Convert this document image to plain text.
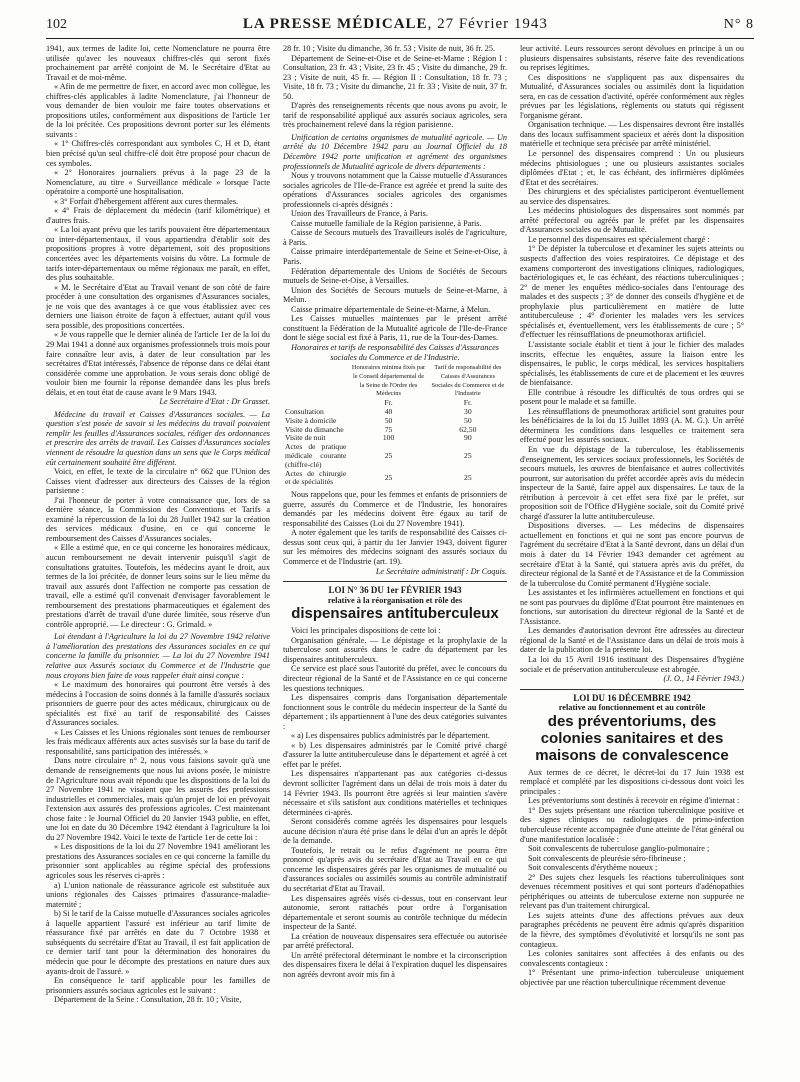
102	LA PRESSE MÉDICALE, 27 Février 1943	N° 8

1941, aux termes de ladite loi, cette Nomenclature ne pourra être utilisée qu'avec les nouveaux chiffres-clés qui seront fixés prochainement par arrêté conjoint de M. le Secrétaire d'Etat au Travail et de moi-même.

« Afin de me permettre de fixer, en accord avec mon collègue, les chiffres-clés applicables à ladite Nomenclature, j'ai l'honneur de vous demander de bien vouloir me faire toutes observations et propositions utiles, conformément aux dispositions de l'article 1er de la loi précitée. Ces propositions devront porter sur les éléments suivants :

« 1° Chiffres-clés correspondant aux symboles C, H et D, étant bien précisé qu'un seul chiffre-clé doit être proposé pour chacun de ces symboles.

« 2° Honoraires journaliers prévus à la page 23 de la Nomenclature, au titre « Surveillance médicale » lorsque l'acte opératoire a comporté une hospitalisation.

« 3° Forfait d'hébergement afférent aux cures thermales.

« 4° Frais de déplacement du médecin (tarif kilométrique) et d'autres frais.

« La loi ayant prévu que les tarifs pouvaient être départementaux ou inter-départementaux, il vous appartiendra d'établir soit des propositions propres à votre département, soit des propositions concertées avec les départements voisins du vôtre. La formule de tarifs inter-départementaux ou même régionaux me paraît, en effet, des plus souhaitable.

« M. le Secrétaire d'Etat au Travail venant de son côté de faire procéder à une consultation des organismes d'Assurances sociales, je ne vois que des avantages à ce que vous établissiez avec ces derniers une liaison étroite de façon à effectuer, autant qu'il vous sera possible, des propositions concertées.

« Je vous rappelle que le dernier alinéa de l'article 1er de la loi du 29 Mai 1941 a donné aux organismes professionnels trois mois pour faire connaître leur avis, à dater de leur consultation par les secrétaires d'Etat intéressés, l'absence de réponse dans ce délai étant considérée comme une approbation. Je vous serais donc obligé de vouloir bien me fournir la réponse demandée dans les plus brefs délais, et en tout état de cause avant le 9 Mars 1943.

Le Secrétaire d'Etat : Dr Grasset.

Médecine du travail et Caisses d'Assurances sociales. — La question s'est posée de savoir si les médecins du travail pouvaient remplir les feuilles d'Assurances sociales, rédiger des ordonnances et prescrire des arrêts de travail. Les Caisses d'Assurances sociales viennent de résoudre la question dans un sens que le Corps médical eût certainement souhaité être différent.

Voici, en effet, le texte de la circulaire n° 662 que l'Union des Caisses vient d'adresser aux directeurs des Caisses de la région parisienne :

J'ai l'honneur de porter à votre connaissance que, lors de sa dernière séance, la Commission des Conventions et Tarifs a examiné la répercussion de la loi du 28 Juillet 1942 sur la création des services médicaux d'usine, en ce qui concerne le remboursement des Caisses d'Assurances sociales.

« Elle a estimé que, en ce qui concerne les honoraires médicaux, aucun remboursement ne devait intervenir puisqu'il s'agit de consultations gratuites. Toutefois, les médecins ayant le droit, aux termes de la loi précitée, de donner leurs soins sur le lieu même du travail aux assurés dont l'affection ne comporte pas cessation de travail, elle a estimé qu'il convenait d'envisager favorablement le remboursement des prestations pharmaceutiques et également des prestations d'arrêt de travail d'une durée limitée, sous réserve d'un contrôle approprié. — Le directeur : G. Grimald. »

Loi étendant à l'Agriculture la loi du 27 Novembre 1942 relative à l'amélioration des prestations des Assurances sociales en ce qui concerne la famille du prisonnier. — La loi du 27 Novembre 1941 relative aux Assurés sociaux du Commerce et de l'Industrie que nous croyons bien faire de vous rappeler était ainsi conçue :

« Le maximum des honoraires qui pourront être versés à des médecins à l'occasion de soins donnés à la famille d'assurés sociaux prisonniers de guerre pour des actes médicaux, chirurgicaux ou de spécialités est fixé au tarif de responsabilité des Caisses d'Assurances sociales.

« Les Caisses et les Unions régionales sont tenues de rembourser les frais médicaux afférents aux actes susvisés sur la base du tarif de responsabilité, sans participation des intéressés. »

Dans notre circulaire n° 2, nous vous faisions savoir qu'à une demande de renseignements que nous lui avions posée, le ministre de l'Agriculture nous avait répondu que les dispositions de la loi du 27 Novembre 1941 ne visaient que les assurés des professions industrielles et commerciales, mais qu'un projet de loi en prévoyait l'extension aux assurés des professions agricoles. C'est maintenant chose faite : le Journal Officiel du 20 Janvier 1943 publie, en effet, une loi en date du 30 Décembre 1942 étendant à l'agriculture la loi du 27 Novembre 1942. Voici le texte de l'article 1er de cette loi :

« Les dispositions de la loi du 27 Novembre 1941 améliorant les prestations des Assurances sociales en ce qui concerne la famille du prisonnier sont applicables au régime spécial des professions agricoles sous les réserves ci-après :

a) L'union nationale de réassurance agricole est substituée aux unions régionales des Caisses primaires d'assurance-maladie-maternité ;

b) Si le tarif de la Caisse mutuelle d'Assurances sociales agricoles à laquelle appartient l'assuré est inférieur au tarif limite de réassurance fixé par arrêtés en date du 7 Octobre 1938 et subséquents du secrétaire d'Etat au Travail, il est fait application de ce dernier tarif tant pour la détermination des honoraires du médecin que pour le décompte des prestations en nature dues aux ayants-droit de l'assuré. »

En conséquence le tarif applicable pour les familles de prisonniers assurés sociaux agricoles est le suivant :

Département de la Seine : Consultation, 28 fr. 10 ; Visite,

28 fr. 10 ; Visite du dimanche, 36 fr. 53 ; Visite de nuit, 36 fr. 25.

Département de Seine-et-Oise et de Seine-et-Marne : Région I : Consultation, 23 fr. 43 ; Visite, 23 fr. 45 ; Visite du dimanche, 29 fr. 23 ; Visite de nuit, 45 fr. — Région II : Consultation, 18 fr. 73 ; Visite, 18 fr. 73 ; Visite du dimanche, 21 fr. 33 ; Visite de nuit, 37 fr. 50.

D'après des renseignements récents que nous avons pu avoir, le tarif de responsabilité appliqué aux assurés sociaux agricoles, sera très prochainement relevé dans la région parisienne.

Unification de certains organismes de mutualité agricole. — Un arrêté du 10 Décembre 1942 paru au Journal Officiel du 18 Décembre 1942 porte unification et agrément des organismes professionnels de Mutualité agricole de divers départements :

Nous y trouvons notamment que la Caisse mutuelle d'Assurances sociales agricoles de l'Ile-de-France est agréée et prend la suite des opérations d'Assurances sociales agricoles des organismes professionnels ci-après désignés :

Union des Travailleurs de France, à Paris.

Caisse mutuelle familiale de la Région parisienne, à Paris.

Caisse de Secours mutuels des Travailleurs isolés de l'agriculture, à Paris.

Caisse primaire interdépartementale de Seine et Seine-et-Oise, à Paris.

Fédération départementale des Unions de Sociétés de Secours mutuels de Seine-et-Oise, à Versailles.

Union des Sociétés de Secours mutuels de Seine-et-Marne, à Melun.

Caisse primaire départementale de Seine-et-Marne, à Melun.

Les Caisses mutuelles maintenues par le présent arrêté constituent la Fédération de la Mutualité agricole de l'Ile-de-France dont le siège social est fixé à Paris, 11, rue de la Tour-des-Dames.

Honoraires et tarifs de responsabilité des Caisses d'Assurances sociales du Commerce et de l'Industrie.

	Honoraires minima fixés par le Conseil départemental de la Seine de l'Ordre des Médecins	Tarif de responsabilité des Caisses d'Assurances Sociales du Commerce et de l'Industrie
	Fr.	Fr.
Consultation	40	30
Visite à domicile	50	50
Visite du dimanche	75	62,50
Visite de nuit	100	90
Actes de pratique médicale courante (chiffre-clé)	25	25
Actes de chirurgie et de spécialités	25	25

Nous rappelons que, pour les femmes et enfants de prisonniers de guerre, assurés du Commerce et de l'Industrie, les honoraires demandés par les médecins doivent être égaux au tarif de responsabilité des Caisses (Loi du 27 Novembre 1941).

A noter également que les tarifs de responsabilité des Caisses ci-dessus sont ceux qui, à partir du 1er Janvier 1943, doivent figurer sur les mémoires des médecins soignant des assurés sociaux du Commerce et de l'Industrie (art. 19).

Le Secrétaire administratif : Dr Coquis.

LOI N° 36 DU 1er FÉVRIER 1943
relative à la réorganisation et rôle des
dispensaires antituberculeux

Voici les principales dispositions de cette loi :

Organisation générale. — Le dépistage et la prophylaxie de la tuberculose sont assurés dans le cadre du département par les dispensaires antituberculeux.

Ce service est placé sous l'autorité du préfet, avec le concours du directeur régional de la Santé et de l'Assistance en ce qui concerne les questions techniques.

Les dispensaires compris dans l'organisation départementale fonctionnent sous le contrôle du médecin inspecteur de la Santé du département ; ils appartiennent à l'une des deux catégories suivantes :

« a) Les dispensaires publics administrés par le département.

« b) Les dispensaires administrés par le Comité privé chargé d'assurer la lutte antituberculeuse dans le département et agréé à cet effet par le préfet.

Les dispensaires n'appartenant pas aux catégories ci-dessus devront solliciter l'agrément dans un délai de trois mois à dater du 14 Février 1943. Ils pourront être agréés si leur maintien s'avère nécessaire et s'ils satisfont aux conditions matérielles et techniques déterminées ci-après.

Seront considérés comme agréés les dispensaires pour lesquels aucune décision n'aura été prise dans le délai d'un an après le dépôt de la demande.

Toutefois, le retrait ou le refus d'agrément ne pourra être prononcé qu'après avis du secrétaire d'Etat au Travail en ce qui concerne les dispensaires gérés par les organismes de mutualité ou d'assurances sociales ou assimilés soumis au contrôle administratif du secrétariat d'Etat au Travail.

Les dispensaires agréés visés ci-dessus, tout en conservant leur autonomie, seront rattachés pour ordre à l'organisation départementale et seront soumis au contrôle technique du médecin inspecteur de la Santé.

La création de nouveaux dispensaires sera effectuée ou autorisée par arrêté préfectoral.

Un arrêté préfectoral déterminant le nombre et la circonscription des dispensaires fixera le délai à l'expiration duquel les dispensaires non agréés devront avoir mis fin à

leur activité. Leurs ressources seront dévolues en principe à un ou plusieurs dispensaires subsistants, réserve faite des revendications ou reprises légitimes.

Ces dispositions ne s'appliquent pas aux dispensaires du Mutualité, d'Assurances sociales ou assimilés dont la liquidation sera, en cas de cessation d'activité, opérée conformément aux règles prévues par les législations, règlements ou statuts qui régissent l'organisme gérant.

Organisation technique. — Les dispensaires devront être installés dans des locaux suffisamment spacieux et aérés dont la disposition matérielle et technique sera précisée par arrêté ministériel.

Le personnel des dispensaires comprend : Un ou plusieurs médecins phtisiologues ; une ou plusieurs assistantes sociales diplômées d'Etat ; et, le cas échéant, des infirmières diplômées d'Etat et des secrétaires.

Des chirurgiens et des spécialistes participeront éventuellement au service des dispensaires.

Les médecins phtisiologues des dispensaires sont nommés par arrêté préfectoral ou agréés par le préfet par les dispensaires d'Assurances sociales ou de Mutualité.

Le personnel des dispensaires est spécialement chargé :

1° De dépister la tuberculose et d'examiner les sujets atteints ou suspects d'affection des voies respiratoires. Ce dépistage et des examens comporteront des investigations cliniques, radiologiques, bactériologiques et, le cas échéant, des réactions tuberculiniques ; 2° de mener les enquêtes médico-sociales dans l'entourage des malades et des suspects ; 3° de donner des conseils d'hygiène et de prophylaxie plus particulièrement en matière de lutte antituberculeuse ; 4° d'orienter les malades vers les services spécialisés et, éventuellement, vers les établissements de cure ; 5° d'effectuer les réinsufflations de pneumothorax artificiel.

L'assistante sociale établit et tient à jour le fichier des malades inscrits, effectue les enquêtes, assure la liaison entre les dispensaires, le public, le corps médical, les services hospitaliers spécialisés, les établissements de cure et de placement et les œuvres de bienfaisance.

Elle contribue à résoudre les difficultés de tous ordres qui se posent pour le malade et sa famille.

Les réinsufflations de pneumothorax artificiel sont gratuites pour les bénéficiaires de la loi du 15 Juillet 1893 (A. M. G.). Un arrêté déterminera les conditions dans lesquelles ce traitement sera effectué pour les assurés sociaux.

En vue du dépistage de la tuberculose, les établissements d'enseignement, les services sociaux professionnels, les Sociétés de secours mutuels, les œuvres de bienfaisance et autres collectivités pourront, sur autorisation du préfet accordée après avis du médecin inspecteur de la Santé, faire appel aux dispensaires. Le taux de la rétribution à percevoir à cet effet sera fixé par le préfet, sur proposition soit de l'Office d'Hygiène sociale, soit du Comité privé chargé d'assurer la lutte antituberculeuse.

Dispositions diverses. — Les médecins de dispensaires actuellement en fonctions et qui ne sont pas encore pourvus de l'agrément du secrétaire d'Etat à la Santé devront, dans un délai d'un mois à dater du 14 Février 1943 demander cet agrément au secrétaire d'Etat à la Santé, qui statuera après avis du préfet, du directeur régional de la Santé et de l'Assistance et de la Commission de la tuberculose du Comité permanent d'Hygiène sociale.

Les assistantes et les infirmières actuellement en fonctions et qui ne sont pas pourvues du diplôme d'Etat pourront être maintenues en fonctions, sur autorisation du directeur régional de la Santé et de l'Assistance.

Les demandes d'autorisation devront être adressées au directeur régional de la Santé et de l'Assistance dans un délai de trois mois à dater de la publication de la présente loi.

La loi du 15 Avril 1916 instituant des Dispensaires d'hygiène sociale et de préservation antituberculeuse est abrogée.

(J. O., 14 Février 1943.)

LOI DU 16 DÉCEMBRE 1942
relative au fonctionnement et au contrôle
des préventoriums, des colonies sanitaires et des maisons de convalescence

Aux termes de ce décret, le décret-loi du 17 Juin 1938 est remplacé et complété par les dispositions ci-dessous dont voici les principales :

Les préventoriums sont destinés à recevoir en régime d'internat :

1° Des sujets présentant une réaction tuberculinique positive et des signes cliniques ou radiologiques de primo-infection tuberculeuse récente accompagnée d'une atteinte de l'état général ou d'une manifestation localisée :

Soit convalescents de tuberculose ganglio-pulmonaire ;

Soit convalescents de pleurésie séro-fibrineuse ;

Soit convalescents d'érythème noueux ;

2° Des sujets chez lesquels les réactions tuberculiniques sont devenues récemment positives et qui sont porteurs d'adénopathies périphériques ou atteints de tuberculose externe non suppurée ne relevant pas d'un traitement chirurgical.

Les sujets atteints d'une des affections prévues aux deux paragraphes précédents ne peuvent être admis qu'après disparition de la fièvre, des symptômes d'évolutivité et lorsqu'ils ne sont pas contagieux.

Les colonies sanitaires sont affectées à des enfants ou des convalescents contagieux :

1° Présentant une primo-infection tuberculeuse uniquement objectivée par une réaction tuberculinique récemment devenue
